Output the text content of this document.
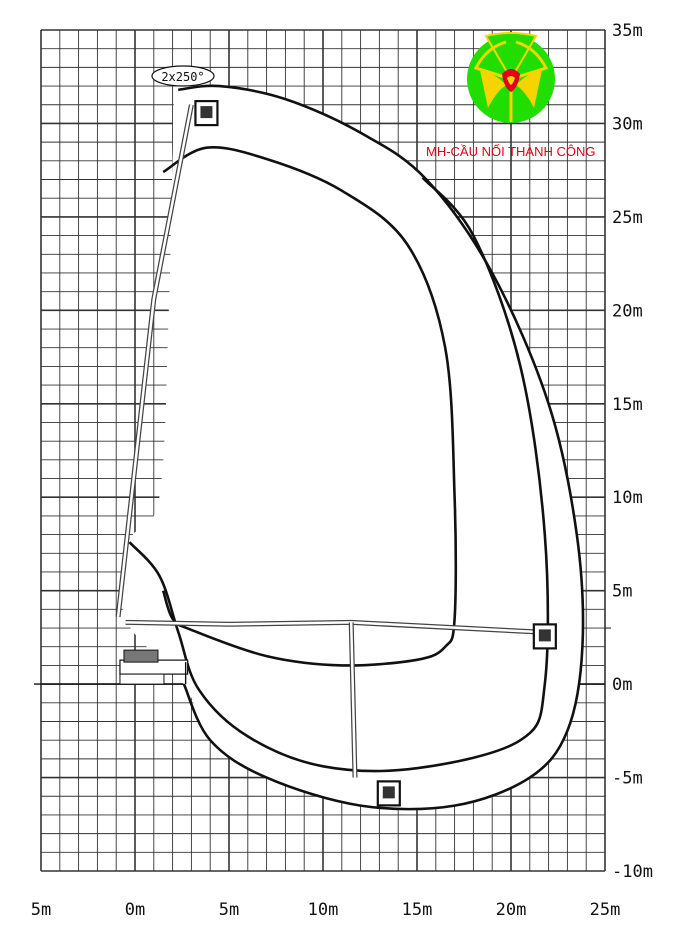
2x250°
5m	0m	5m	10m	15m	20m	25m
35m
30m
25m
20m
15m
10m
5m
0m
-5m
-10m
MH-CẦU NỐI THÀNH CÔNG
